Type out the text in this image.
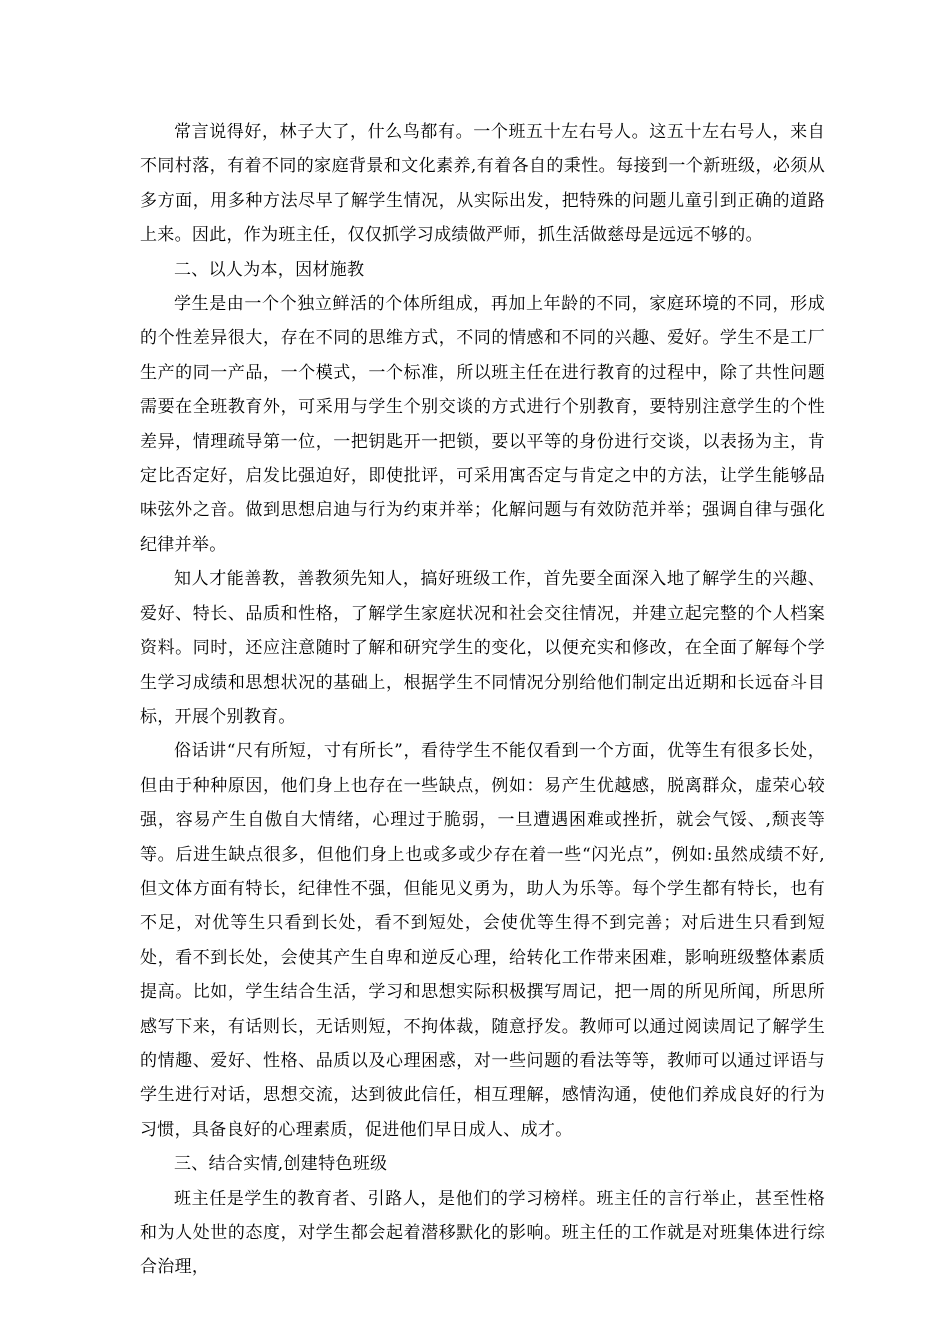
常言说得好，林子大了，什么鸟都有。一个班五十左右号人。这五十左右号人，来自不同村落，有着不同的家庭背景和文化素养,有着各自的秉性。每接到一个新班级，必须从多方面，用多种方法尽早了解学生情况，从实际出发，把特殊的问题儿童引到正确的道路上来。因此，作为班主任，仅仅抓学习成绩做严师，抓生活做慈母是远远不够的。

二、以人为本，因材施教

学生是由一个个独立鲜活的个体所组成，再加上年龄的不同，家庭环境的不同，形成的个性差异很大，存在不同的思维方式，不同的情感和不同的兴趣、爱好。学生不是工厂生产的同一产品，一个模式，一个标准，所以班主任在进行教育的过程中，除了共性问题需要在全班教育外，可采用与学生个别交谈的方式进行个别教育，要特别注意学生的个性差异，情理疏导第一位，一把钥匙开一把锁，要以平等的身份进行交谈，以表扬为主，肯定比否定好，启发比强迫好，即使批评，可采用寓否定与肯定之中的方法，让学生能够品味弦外之音。做到思想启迪与行为约束并举；化解问题与有效防范并举；强调自律与强化纪律并举。

知人才能善教，善教须先知人，搞好班级工作，首先要全面深入地了解学生的兴趣、爱好、特长、品质和性格，了解学生家庭状况和社会交往情况，并建立起完整的个人档案资料。同时，还应注意随时了解和研究学生的变化，以便充实和修改，在全面了解每个学生学习成绩和思想状况的基础上，根据学生不同情况分别给他们制定出近期和长远奋斗目标，开展个别教育。

俗话讲“尺有所短，寸有所长”，看待学生不能仅看到一个方面，优等生有很多长处，但由于种种原因，他们身上也存在一些缺点，例如：易产生优越感，脱离群众，虚荣心较强，容易产生自傲自大情绪，心理过于脆弱，一旦遭遇困难或挫折，就会气馁、,颓丧等等。后进生缺点很多，但他们身上也或多或少存在着一些“闪光点”，例如:虽然成绩不好,但文体方面有特长，纪律性不强，但能见义勇为，助人为乐等。每个学生都有特长，也有不足，对优等生只看到长处，看不到短处，会使优等生得不到完善；对后进生只看到短处，看不到长处，会使其产生自卑和逆反心理，给转化工作带来困难，影响班级整体素质提高。比如，学生结合生活，学习和思想实际积极撰写周记，把一周的所见所闻，所思所感写下来，有话则长，无话则短，不拘体裁，随意抒发。教师可以通过阅读周记了解学生的情趣、爱好、性格、品质以及心理困惑，对一些问题的看法等等，教师可以通过评语与学生进行对话，思想交流，达到彼此信任，相互理解，感情沟通，使他们养成良好的行为习惯，具备良好的心理素质，促进他们早日成人、成才。

三、结合实情,创建特色班级

班主任是学生的教育者、引路人，是他们的学习榜样。班主任的言行举止，甚至性格和为人处世的态度，对学生都会起着潜移默化的影响。班主任的工作就是对班集体进行综合治理，
